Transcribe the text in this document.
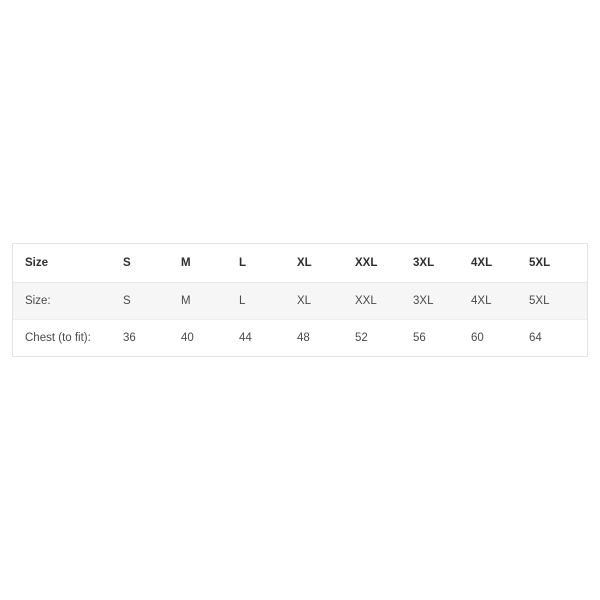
Size	S	M	L	XL	XXL	3XL	4XL	5XL
Size:	S	M	L	XL	XXL	3XL	4XL	5XL
Chest (to fit):	36	40	44	48	52	56	60	64
